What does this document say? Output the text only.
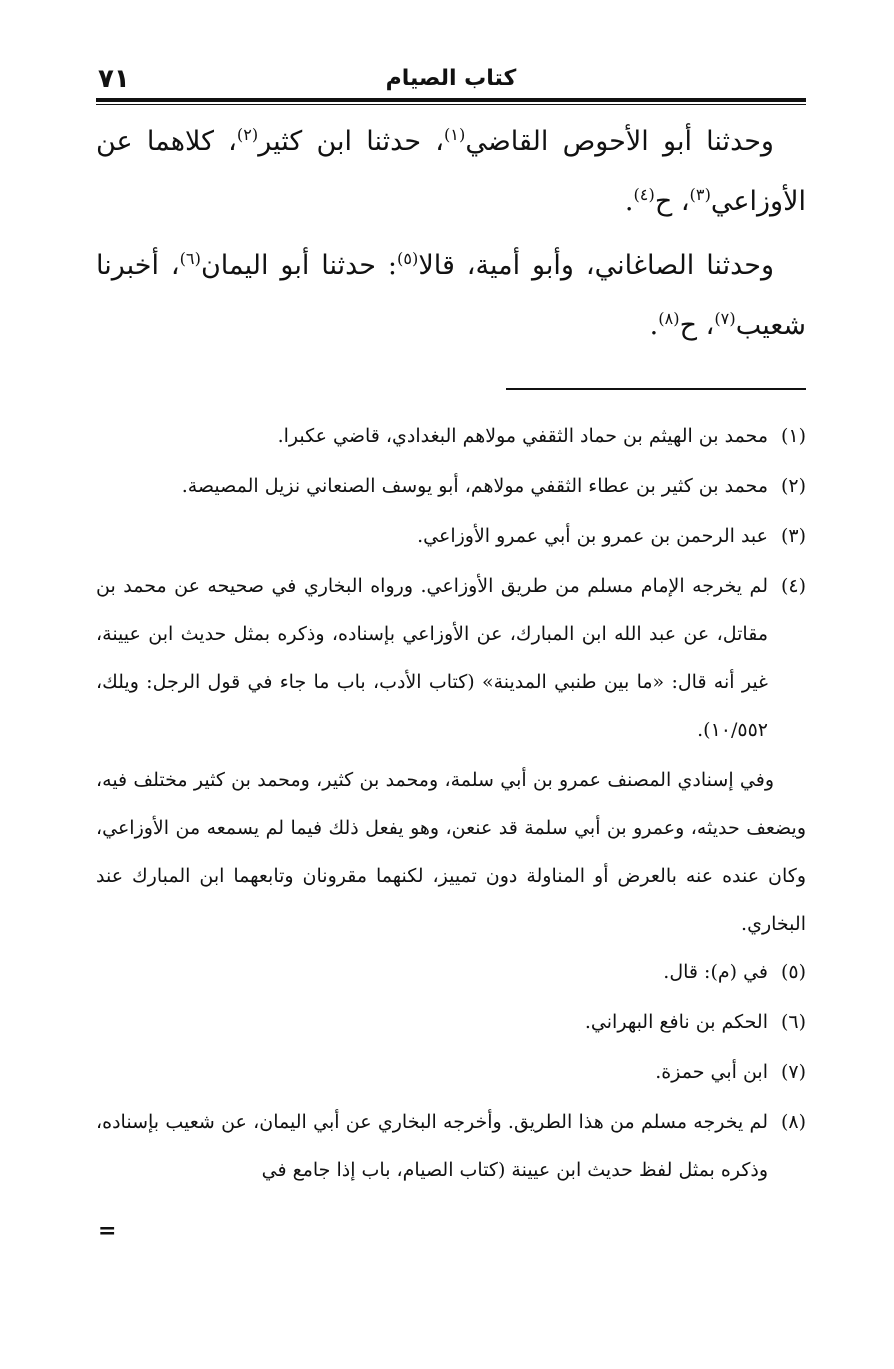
٧١	كتاب الصيام

وحدثنا أبو الأحوص القاضي$^{(١)}$، حدثنا ابن كثير$^{(٢)}$، كلاهما عن الأوزاعي$^{(٣)}$، ح$^{(٤)}$.

وحدثنا الصاغاني، وأبو أمية، قالا$^{(٥)}$: حدثنا أبو اليمان$^{(٦)}$، أخبرنا شعيب$^{(٧)}$، ح$^{(٨)}$.

(١)محمد بن الهيثم بن حماد الثقفي مولاهم البغدادي، قاضي عكبرا.

(٢)محمد بن كثير بن عطاء الثقفي مولاهم، أبو يوسف الصنعاني نزيل المصيصة.

(٣)عبد الرحمن بن عمرو بن أبي عمرو الأوزاعي.

(٤)لم يخرجه الإمام مسلم من طريق الأوزاعي. ورواه البخاري في صحيحه عن محمد بن مقاتل، عن عبد الله ابن المبارك، عن الأوزاعي بإسناده، وذكره بمثل حديث ابن عيينة، غير أنه قال: «ما بين طنبي المدينة» (كتاب الأدب، باب ما جاء في قول الرجل: ويلك، ١٠/٥٥٢).

وفي إسنادي المصنف عمرو بن أبي سلمة، ومحمد بن كثير، ومحمد بن كثير مختلف فيه، ويضعف حديثه، وعمرو بن أبي سلمة قد عنعن، وهو يفعل ذلك فيما لم يسمعه من الأوزاعي، وكان عنده عنه بالعرض أو المناولة دون تمييز، لكنهما مقرونان وتابعهما ابن المبارك عند البخاري.

(٥)في (م): قال.

(٦)الحكم بن نافع البهراني.

(٧)ابن أبي حمزة.

(٨)لم يخرجه مسلم من هذا الطريق. وأخرجه البخاري عن أبي اليمان، عن شعيب بإسناده، وذكره بمثل لفظ حديث ابن عيينة (كتاب الصيام، باب إذا جامع في

=
